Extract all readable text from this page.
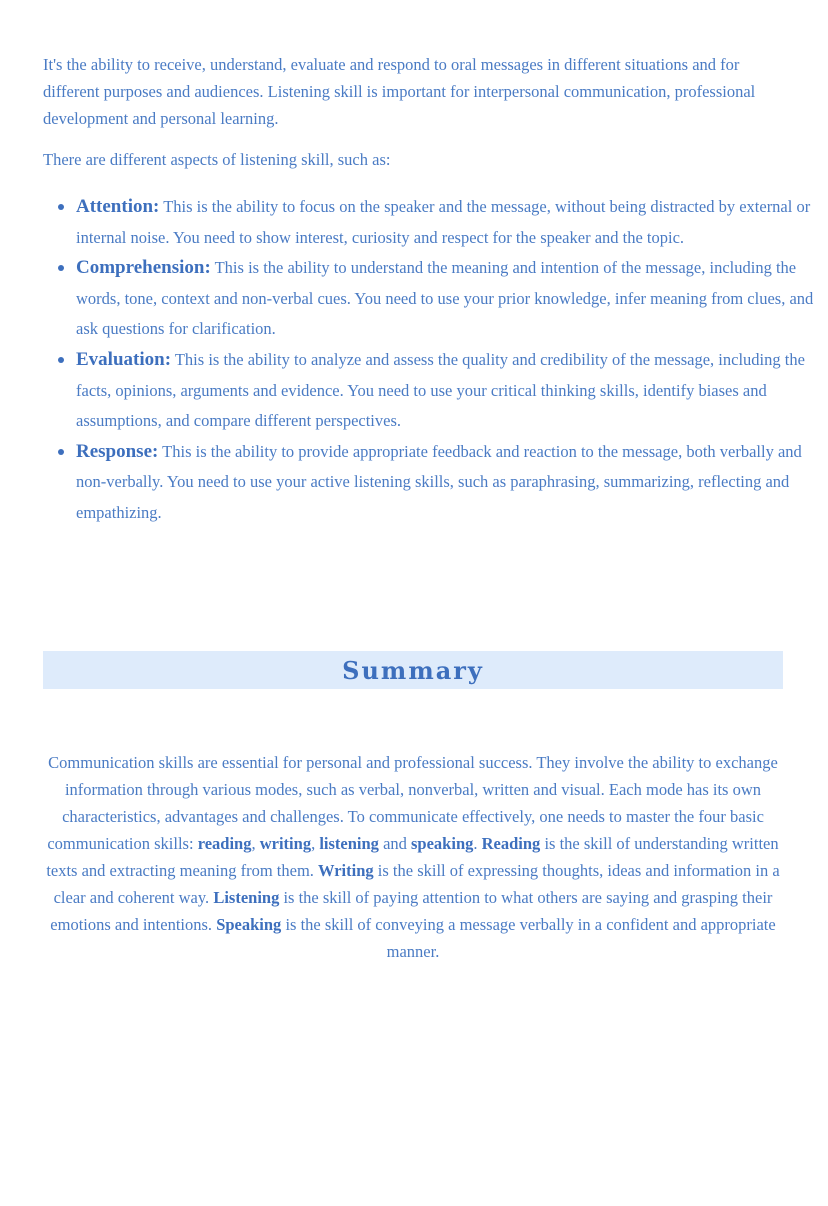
It's the ability to receive, understand, evaluate and respond to oral messages in different situations and for different purposes and audiences. Listening skill is important for interpersonal communication, professional development and personal learning.

There are different aspects of listening skill, such as:

Attention: This is the ability to focus on the speaker and the message, without being distracted by external or internal noise. You need to show interest, curiosity and respect for the speaker and the topic.
Comprehension: This is the ability to understand the meaning and intention of the message, including the words, tone, context and non-verbal cues. You need to use your prior knowledge, infer meaning from clues, and ask questions for clarification.
Evaluation: This is the ability to analyze and assess the quality and credibility of the message, including the facts, opinions, arguments and evidence. You need to use your critical thinking skills, identify biases and assumptions, and compare different perspectives.
Response: This is the ability to provide appropriate feedback and reaction to the message, both verbally and non-verbally. You need to use your active listening skills, such as paraphrasing, summarizing, reflecting and empathizing.
Summary

Communication skills are essential for personal and professional success. They involve the ability to exchange information through various modes, such as verbal, nonverbal, written and visual. Each mode has its own characteristics, advantages and challenges. To communicate effectively, one needs to master the four basic communication skills: reading, writing, listening and speaking. Reading is the skill of understanding written texts and extracting meaning from them. Writing is the skill of expressing thoughts, ideas and information in a clear and coherent way. Listening is the skill of paying attention to what others are saying and grasping their emotions and intentions. Speaking is the skill of conveying a message verbally in a confident and appropriate manner.
